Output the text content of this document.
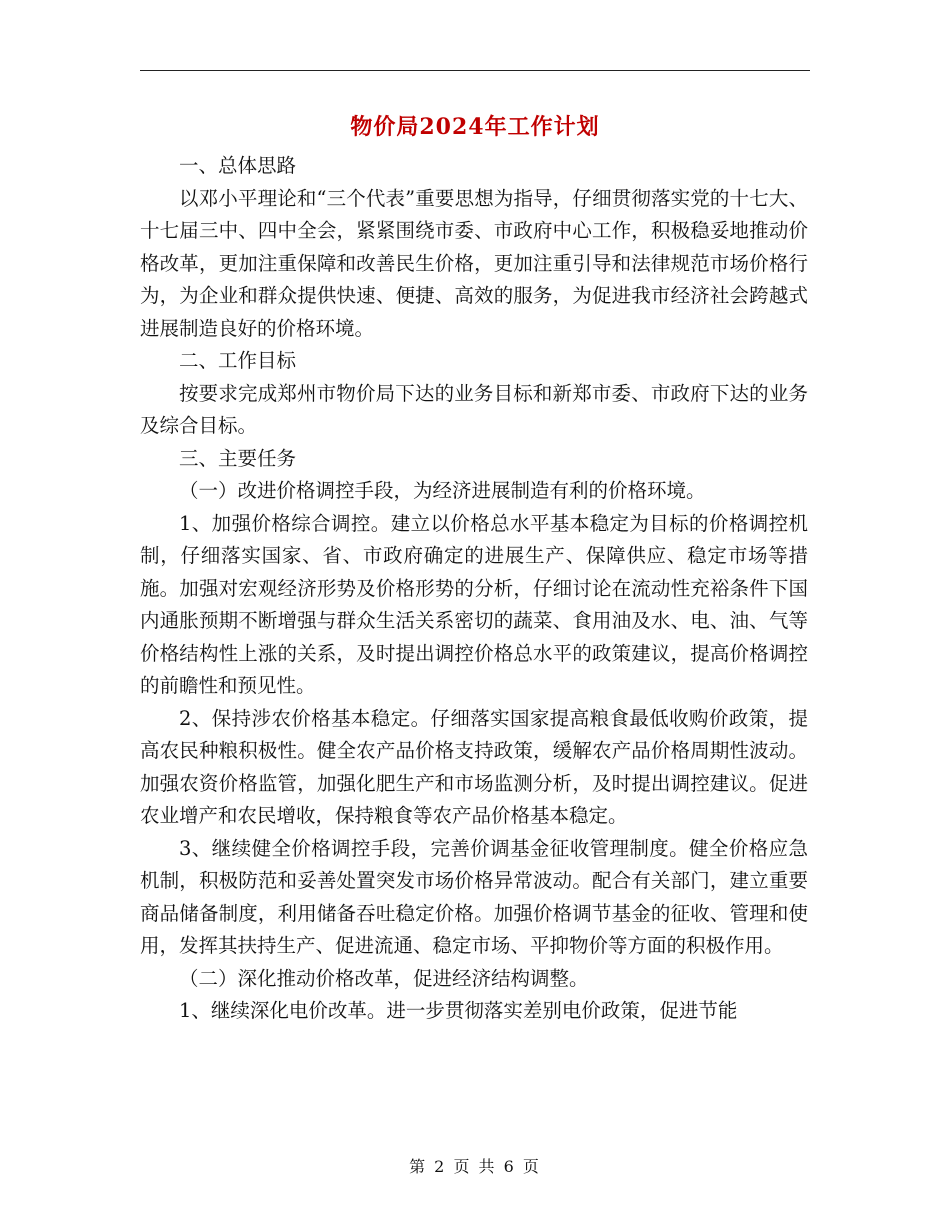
物价局2024年工作计划

一、总体思路

以邓小平理论和“三个代表”重要思想为指导，仔细贯彻落实党的十七大、十七届三中、四中全会，紧紧围绕市委、市政府中心工作，积极稳妥地推动价格改革，更加注重保障和改善民生价格，更加注重引导和法律规范市场价格行为，为企业和群众提供快速、便捷、高效的服务，为促进我市经济社会跨越式进展制造良好的价格环境。

二、工作目标

按要求完成郑州市物价局下达的业务目标和新郑市委、市政府下达的业务及综合目标。

三、主要任务

（一）改进价格调控手段，为经济进展制造有利的价格环境。

1、加强价格综合调控。建立以价格总水平基本稳定为目标的价格调控机制，仔细落实国家、省、市政府确定的进展生产、保障供应、稳定市场等措施。加强对宏观经济形势及价格形势的分析，仔细讨论在流动性充裕条件下国内通胀预期不断增强与群众生活关系密切的蔬菜、食用油及水、电、油、气等价格结构性上涨的关系，及时提出调控价格总水平的政策建议，提高价格调控的前瞻性和预见性。

2、保持涉农价格基本稳定。仔细落实国家提高粮食最低收购价政策，提高农民种粮积极性。健全农产品价格支持政策，缓解农产品价格周期性波动。加强农资价格监管，加强化肥生产和市场监测分析，及时提出调控建议。促进农业增产和农民增收，保持粮食等农产品价格基本稳定。

3、继续健全价格调控手段，完善价调基金征收管理制度。健全价格应急机制，积极防范和妥善处置突发市场价格异常波动。配合有关部门，建立重要商品储备制度，利用储备吞吐稳定价格。加强价格调节基金的征收、管理和使用，发挥其扶持生产、促进流通、稳定市场、平抑物价等方面的积极作用。

（二）深化推动价格改革，促进经济结构调整。

1、继续深化电价改革。进一步贯彻落实差别电价政策，促进节能

第 2 页 共 6 页
